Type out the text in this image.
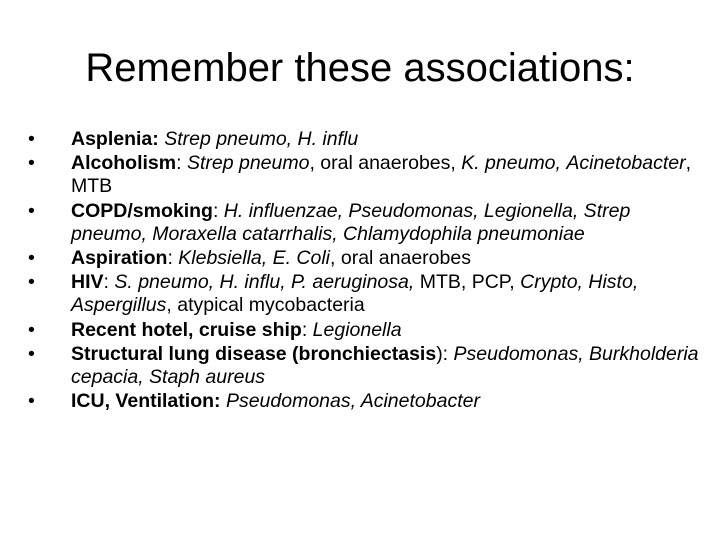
Remember these associations:
• Asplenia: Strep pneumo, H. influ
• Alcoholism: Strep pneumo, oral anaerobes, K. pneumo, Acinetobacter, MTB
• COPD/smoking: H. influenzae, Pseudomonas, Legionella, Strep pneumo, Moraxella catarrhalis, Chlamydophila pneumoniae
• Aspiration: Klebsiella, E. Coli, oral anaerobes
• HIV: S. pneumo, H. influ, P. aeruginosa, MTB, PCP, Crypto, Histo, Aspergillus, atypical mycobacteria
• Recent hotel, cruise ship: Legionella
• Structural lung disease (bronchiectasis): Pseudomonas, Burkholderia cepacia, Staph aureus
• ICU, Ventilation: Pseudomonas, Acinetobacter
